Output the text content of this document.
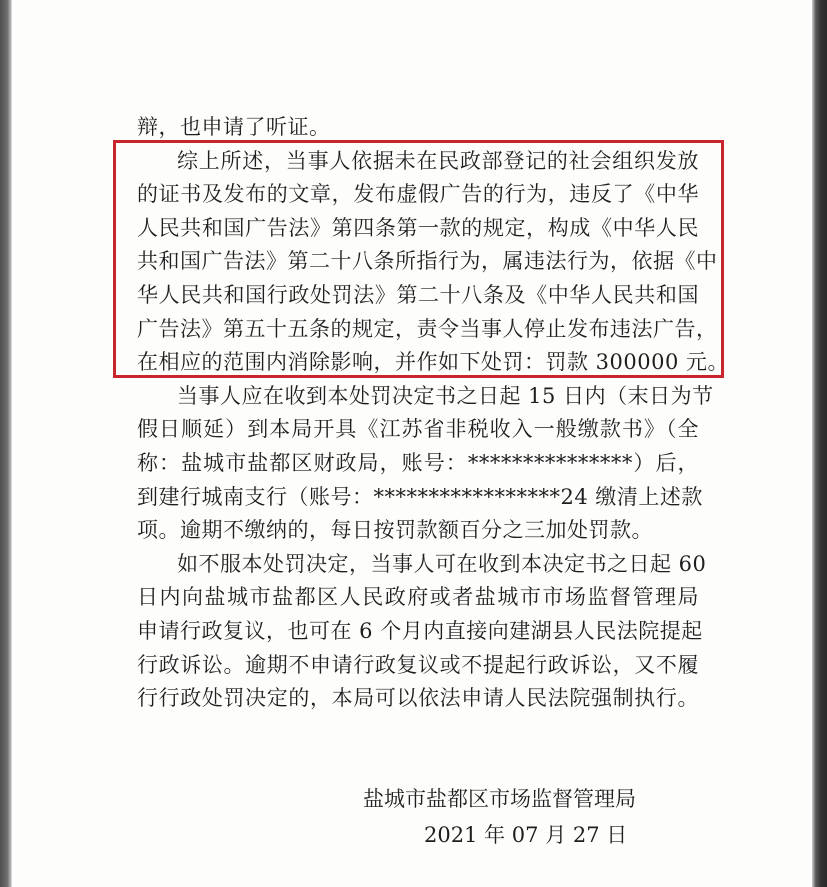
辩，也申请了听证。
综上所述，当事人依据未在民政部登记的社会组织发放
的证书及发布的文章，发布虚假广告的行为，违反了《中华
人民共和国广告法》第四条第一款的规定，构成《中华人民
共和国广告法》第二十八条所指行为，属违法行为，依据《中
华人民共和国行政处罚法》第二十八条及《中华人民共和国
广告法》第五十五条的规定，责令当事人停止发布违法广告，
在相应的范围内消除影响，并作如下处罚：罚款 300000 元。
当事人应在收到本处罚决定书之日起 15 日内（末日为节
假日顺延）到本局开具《江苏省非税收入一般缴款书》（全
称：盐城市盐都区财政局，账号：***************）后，
到建行城南支行（账号：*****************24 缴清上述款
项。逾期不缴纳的，每日按罚款额百分之三加处罚款。
如不服本处罚决定，当事人可在收到本决定书之日起 60
日内向盐城市盐都区人民政府或者盐城市市场监督管理局
申请行政复议，也可在 6 个月内直接向建湖县人民法院提起
行政诉讼。逾期不申请行政复议或不提起行政诉讼，又不履
行行政处罚决定的，本局可以依法申请人民法院强制执行。
盐城市盐都区市场监督管理局
2021 年 07 月 27 日
